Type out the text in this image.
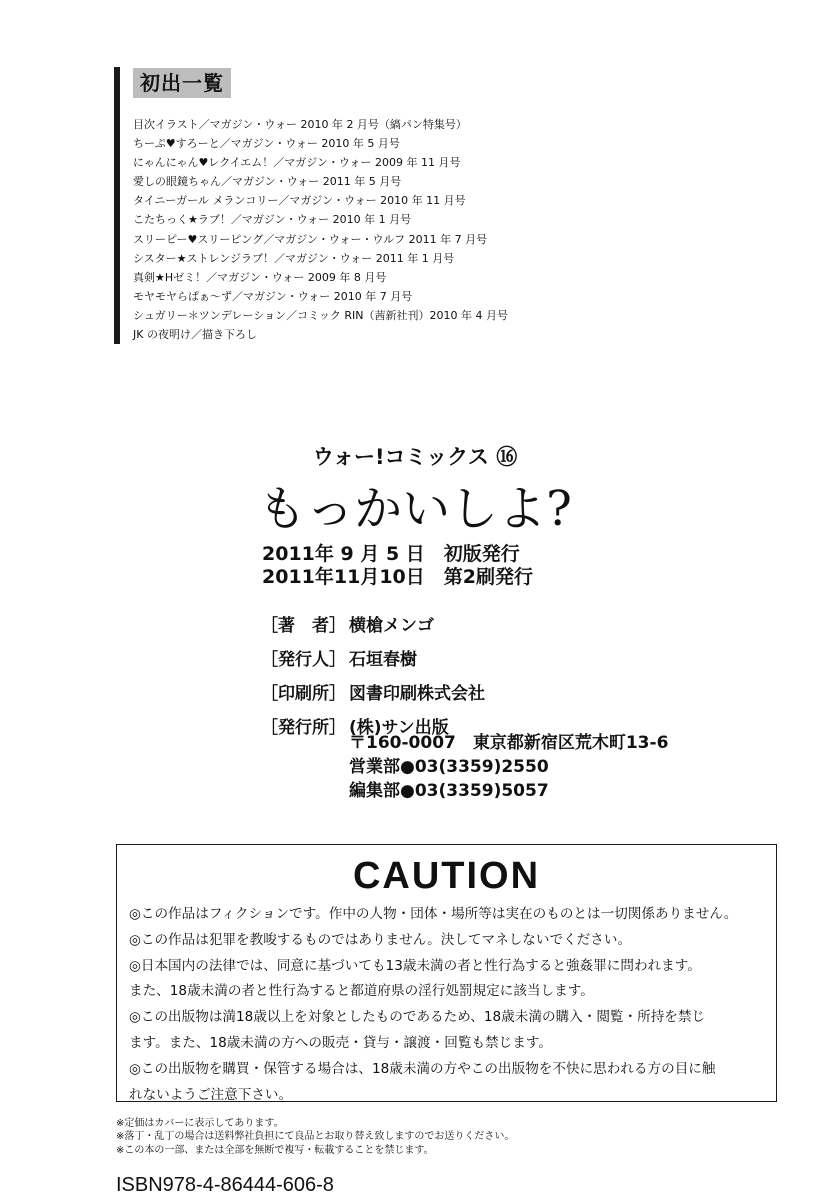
初出一覧
目次イラスト／マガジン・ウォー 2010 年 2 月号（縞パン特集号）
ちーぷ♥すろーと／マガジン・ウォー 2010 年 5 月号
にゃんにゃん♥レクイエム！／マガジン・ウォー 2009 年 11 月号
愛しの眼鏡ちゃん／マガジン・ウォー 2011 年 5 月号
タイニーガール メランコリー／マガジン・ウォー 2010 年 11 月号
こたちっく★ラブ！／マガジン・ウォー 2010 年 1 月号
スリーピー♥スリーピング／マガジン・ウォー・ウルフ 2011 年 7 月号
シスター★ストレンジラブ！／マガジン・ウォー 2011 年 1 月号
真剣★Hゼミ！／マガジン・ウォー 2009 年 8 月号
モヤモヤらぱぁ〜ず／マガジン・ウォー 2010 年 7 月号
シュガリー＊ツンデレーション／コミック RIN（茜新社刊）2010 年 4 月号
JK の夜明け／描き下ろし
ウォー!コミックス ⑯
もっかいしよ?
2011年 9 月 5 日　初版発行
2011年11月10日　第2刷発行
［著　者］ 横槍メンゴ
［発行人］ 石垣春樹
［印刷所］ 図書印刷株式会社
［発行所］ (株)サン出版
〒160-0007　東京都新宿区荒木町13-6
営業部●03(3359)2550
編集部●03(3359)5057
CAUTION
◎この作品はフィクションです。作中の人物・団体・場所等は実在のものとは一切関係ありません。
◎この作品は犯罪を教唆するものではありません。決してマネしないでください。
◎日本国内の法律では、同意に基づいても13歳未満の者と性行為すると強姦罪に問われます。
また、18歳未満の者と性行為すると都道府県の淫行処罰規定に該当します。
◎この出版物は満18歳以上を対象としたものであるため、18歳未満の購入・閲覧・所持を禁じ
ます。また、18歳未満の方への販売・貸与・譲渡・回覧も禁じます。
◎この出版物を購買・保管する場合は、18歳未満の方やこの出版物を不快に思われる方の目に触
れないようご注意下さい。
※定価はカバーに表示してあります。
※落丁・乱丁の場合は送料弊社負担にて良品とお取り替え致しますのでお送りください。
※この本の一部、または全部を無断で複写・転載することを禁じます。
ISBN978-4-86444-606-8
